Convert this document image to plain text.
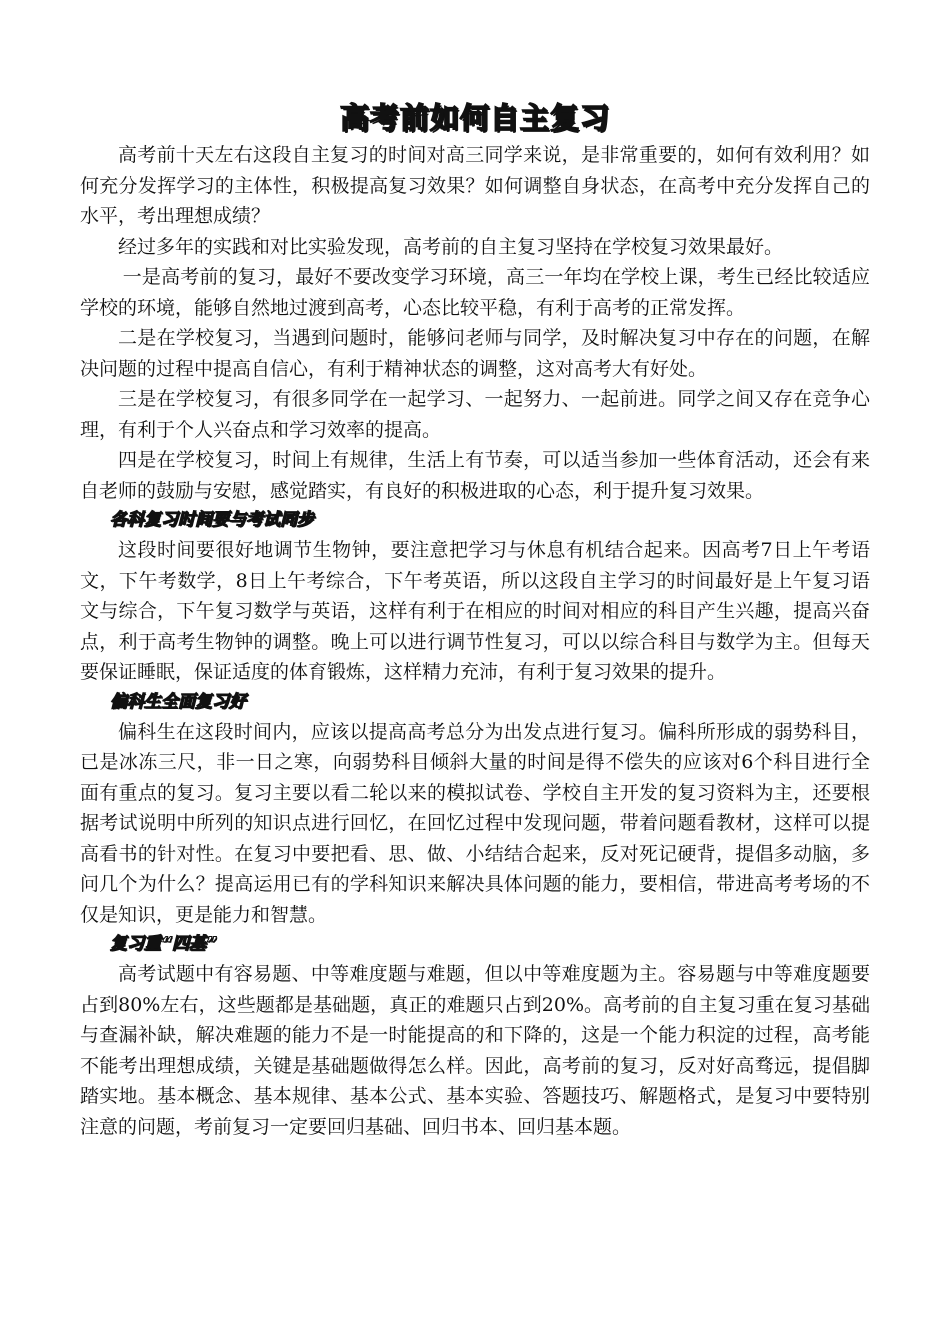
高考前如何自主复习

高考前十天左右这段自主复习的时间对高三同学来说，是非常重要的，如何有效利用？如何充分发挥学习的主体性，积极提高复习效果？如何调整自身状态，在高考中充分发挥自己的水平，考出理想成绩？

经过多年的实践和对比实验发现，高考前的自主复习坚持在学校复习效果最好。

一是高考前的复习，最好不要改变学习环境，高三一年均在学校上课，考生已经比较适应学校的环境，能够自然地过渡到高考，心态比较平稳，有利于高考的正常发挥。

二是在学校复习，当遇到问题时，能够问老师与同学，及时解决复习中存在的问题，在解决问题的过程中提高自信心，有利于精神状态的调整，这对高考大有好处。

三是在学校复习，有很多同学在一起学习、一起努力、一起前进。同学之间又存在竞争心理，有利于个人兴奋点和学习效率的提高。

四是在学校复习，时间上有规律，生活上有节奏，可以适当参加一些体育活动，还会有来自老师的鼓励与安慰，感觉踏实，有良好的积极进取的心态，利于提升复习效果。

各科复习时间要与考试同步

这段时间要很好地调节生物钟，要注意把学习与休息有机结合起来。因高考7日上午考语文，下午考数学，8日上午考综合，下午考英语，所以这段自主学习的时间最好是上午复习语文与综合，下午复习数学与英语，这样有利于在相应的时间对相应的科目产生兴趣，提高兴奋点，利于高考生物钟的调整。晚上可以进行调节性复习，可以以综合科目与数学为主。但每天要保证睡眠，保证适度的体育锻炼，这样精力充沛，有利于复习效果的提升。

偏科生全面复习好

偏科生在这段时间内，应该以提高高考总分为出发点进行复习。偏科所形成的弱势科目，已是冰冻三尺，非一日之寒，向弱势科目倾斜大量的时间是得不偿失的应该对6个科目进行全面有重点的复习。复习主要以看二轮以来的模拟试卷、学校自主开发的复习资料为主，还要根据考试说明中所列的知识点进行回忆，在回忆过程中发现问题，带着问题看教材，这样可以提高看书的针对性。在复习中要把看、思、做、小结结合起来，反对死记硬背，提倡多动脑，多问几个为什么？提高运用已有的学科知识来解决具体问题的能力，要相信，带进高考考场的不仅是知识，更是能力和智慧。

复习重“四基”

高考试题中有容易题、中等难度题与难题，但以中等难度题为主。容易题与中等难度题要占到80%左右，这些题都是基础题，真正的难题只占到20%。高考前的自主复习重在复习基础与查漏补缺，解决难题的能力不是一时能提高的和下降的，这是一个能力积淀的过程，高考能不能考出理想成绩，关键是基础题做得怎么样。因此，高考前的复习，反对好高骛远，提倡脚踏实地。基本概念、基本规律、基本公式、基本实验、答题技巧、解题格式，是复习中要特别注意的问题，考前复习一定要回归基础、回归书本、回归基本题。
